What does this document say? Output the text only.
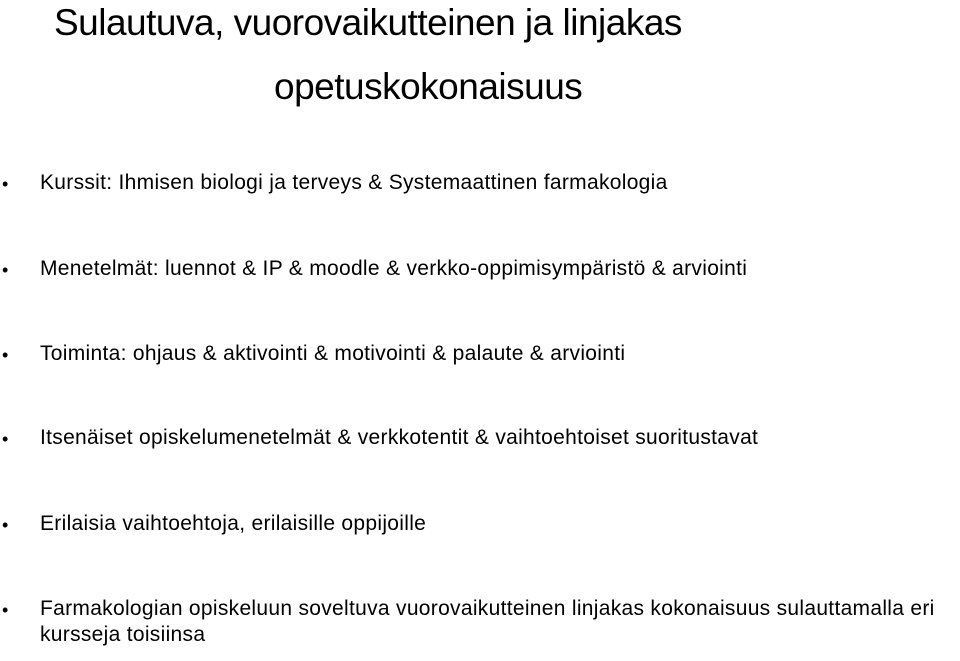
Sulautuva, vuorovaikutteinen ja linjakas
opetuskokonaisuus
• Kurssit: Ihmisen biologi ja terveys & Systemaattinen farmakologia
• Menetelmät: luennot & IP & moodle & verkko-oppimisympäristö & arviointi
• Toiminta: ohjaus & aktivointi & motivointi & palaute & arviointi
• Itsenäiset opiskelumenetelmät & verkkotentit & vaihtoehtoiset suoritustavat
• Erilaisia vaihtoehtoja, erilaisille oppijoille
• Farmakologian opiskeluun soveltuva vuorovaikutteinen linjakas kokonaisuus sulauttamalla eri kursseja toisiinsa
